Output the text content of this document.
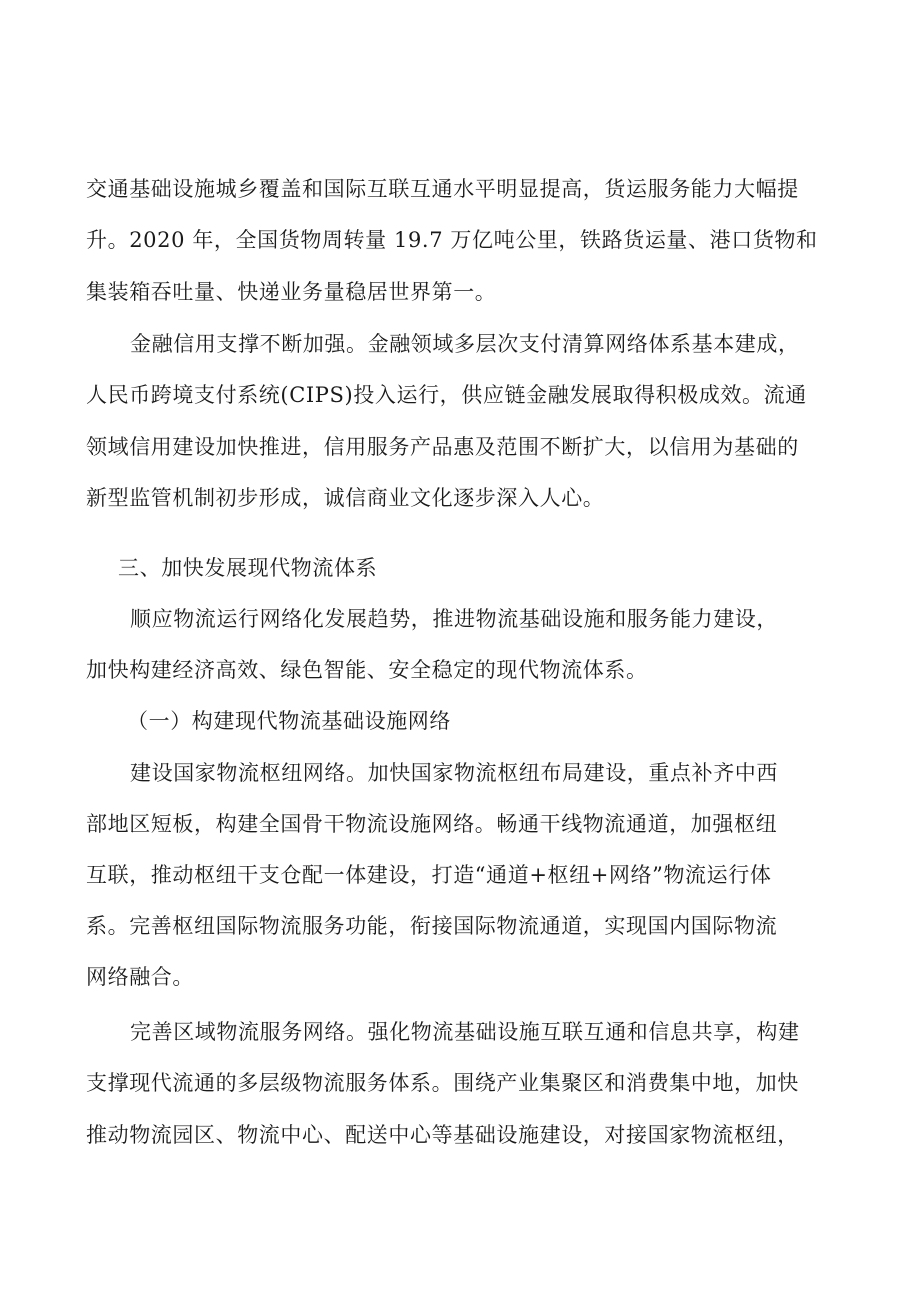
交通基础设施城乡覆盖和国际互联互通水平明显提高，货运服务能力大幅提
升。2020 年，全国货物周转量 19.7 万亿吨公里，铁路货运量、港口货物和
集装箱吞吐量、快递业务量稳居世界第一。
金融信用支撑不断加强。金融领域多层次支付清算网络体系基本建成，
人民币跨境支付系统(CIPS)投入运行，供应链金融发展取得积极成效。流通
领域信用建设加快推进，信用服务产品惠及范围不断扩大，以信用为基础的
新型监管机制初步形成，诚信商业文化逐步深入人心。
三、加快发展现代物流体系
顺应物流运行网络化发展趋势，推进物流基础设施和服务能力建设，
加快构建经济高效、绿色智能、安全稳定的现代物流体系。
（一）构建现代物流基础设施网络
建设国家物流枢纽网络。加快国家物流枢纽布局建设，重点补齐中西
部地区短板，构建全国骨干物流设施网络。畅通干线物流通道，加强枢纽
互联，推动枢纽干支仓配一体建设，打造“通道+枢纽+网络”物流运行体
系。完善枢纽国际物流服务功能，衔接国际物流通道，实现国内国际物流
网络融合。
完善区域物流服务网络。强化物流基础设施互联互通和信息共享，构建
支撑现代流通的多层级物流服务体系。围绕产业集聚区和消费集中地，加快
推动物流园区、物流中心、配送中心等基础设施建设，对接国家物流枢纽，
